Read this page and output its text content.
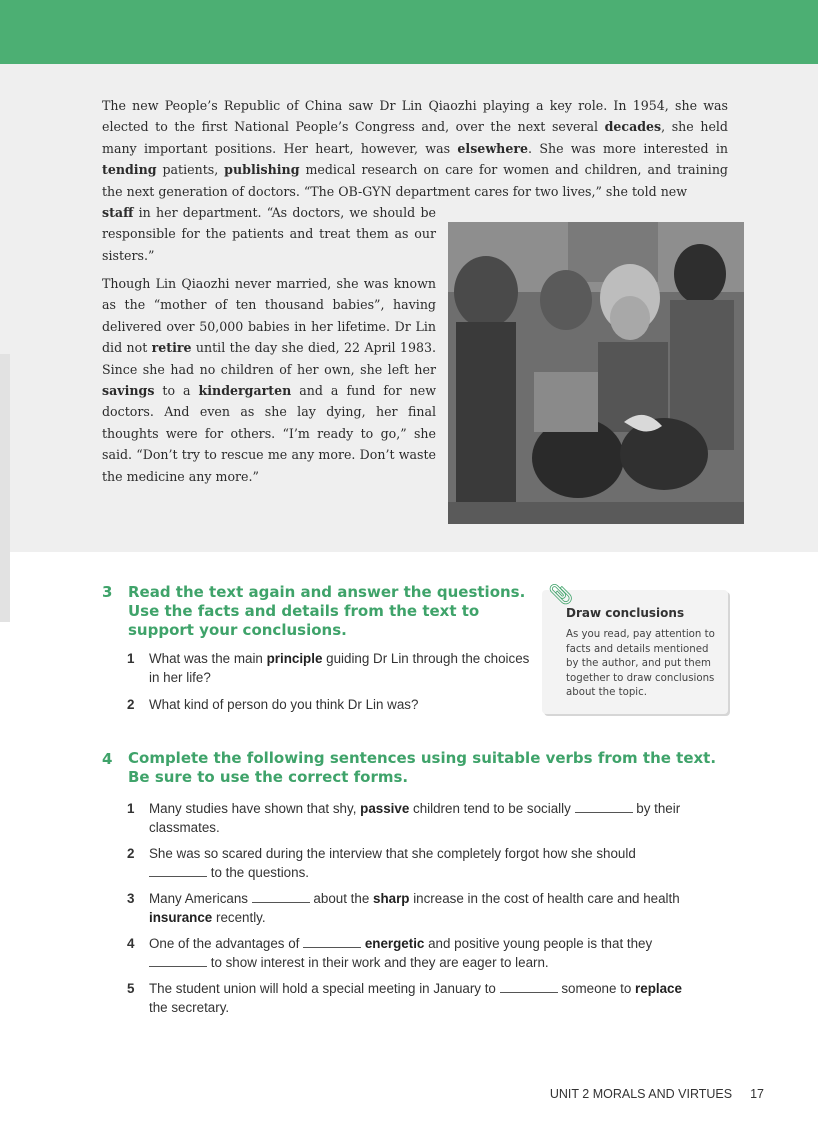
The new People’s Republic of China saw Dr Lin Qiaozhi playing a key role. In 1954, she was elected to the first National People’s Congress and, over the next several decades, she held many important positions. Her heart, however, was elsewhere. She was more interested in tending patients, publishing medical research on care for women and children, and training the next generation of doctors. “The OB-GYN department cares for two lives,” she told new

staff in her department. “As doctors, we should be responsible for the patients and treat them as our sisters.”

Though Lin Qiaozhi never married, she was known as the “mother of ten thousand babies”, having delivered over 50,000 babies in her lifetime. Dr Lin did not retire until the day she died, 22 April 1983. Since she had no children of her own, she left her savings to a kindergarten and a fund for new doctors. And even as she lay dying, her final thoughts were for others. “I’m ready to go,” she said. “Don’t try to rescue me any more. Don’t waste the medicine any more.”

3 Read the text again and answer the questions. Use the facts and details from the text to support your conclusions.

1 What was the main principle guiding Dr Lin through the choices in her life?
2 What kind of person do you think Dr Lin was?
📎︎

Draw conclusions

As you read, pay attention to facts and details mentioned by the author, and put them together to draw conclusions about the topic.

4 Complete the following sentences using suitable verbs from the text. Be sure to use the correct forms.

1 Many studies have shown that shy, passive children tend to be socially	by their classmates.
2 She was so scared during the interview that she completely forgot how she should  to the questions.
3 Many Americans	about the sharp increase in the cost of health care and health insurance recently.
4 One of the advantages of	energetic and positive young people is that they  to show interest in their work and they are eager to learn.
5 The student union will hold a special meeting in January to	someone to replace the secretary.
UNIT 2 MORALS AND VIRTUES 17
